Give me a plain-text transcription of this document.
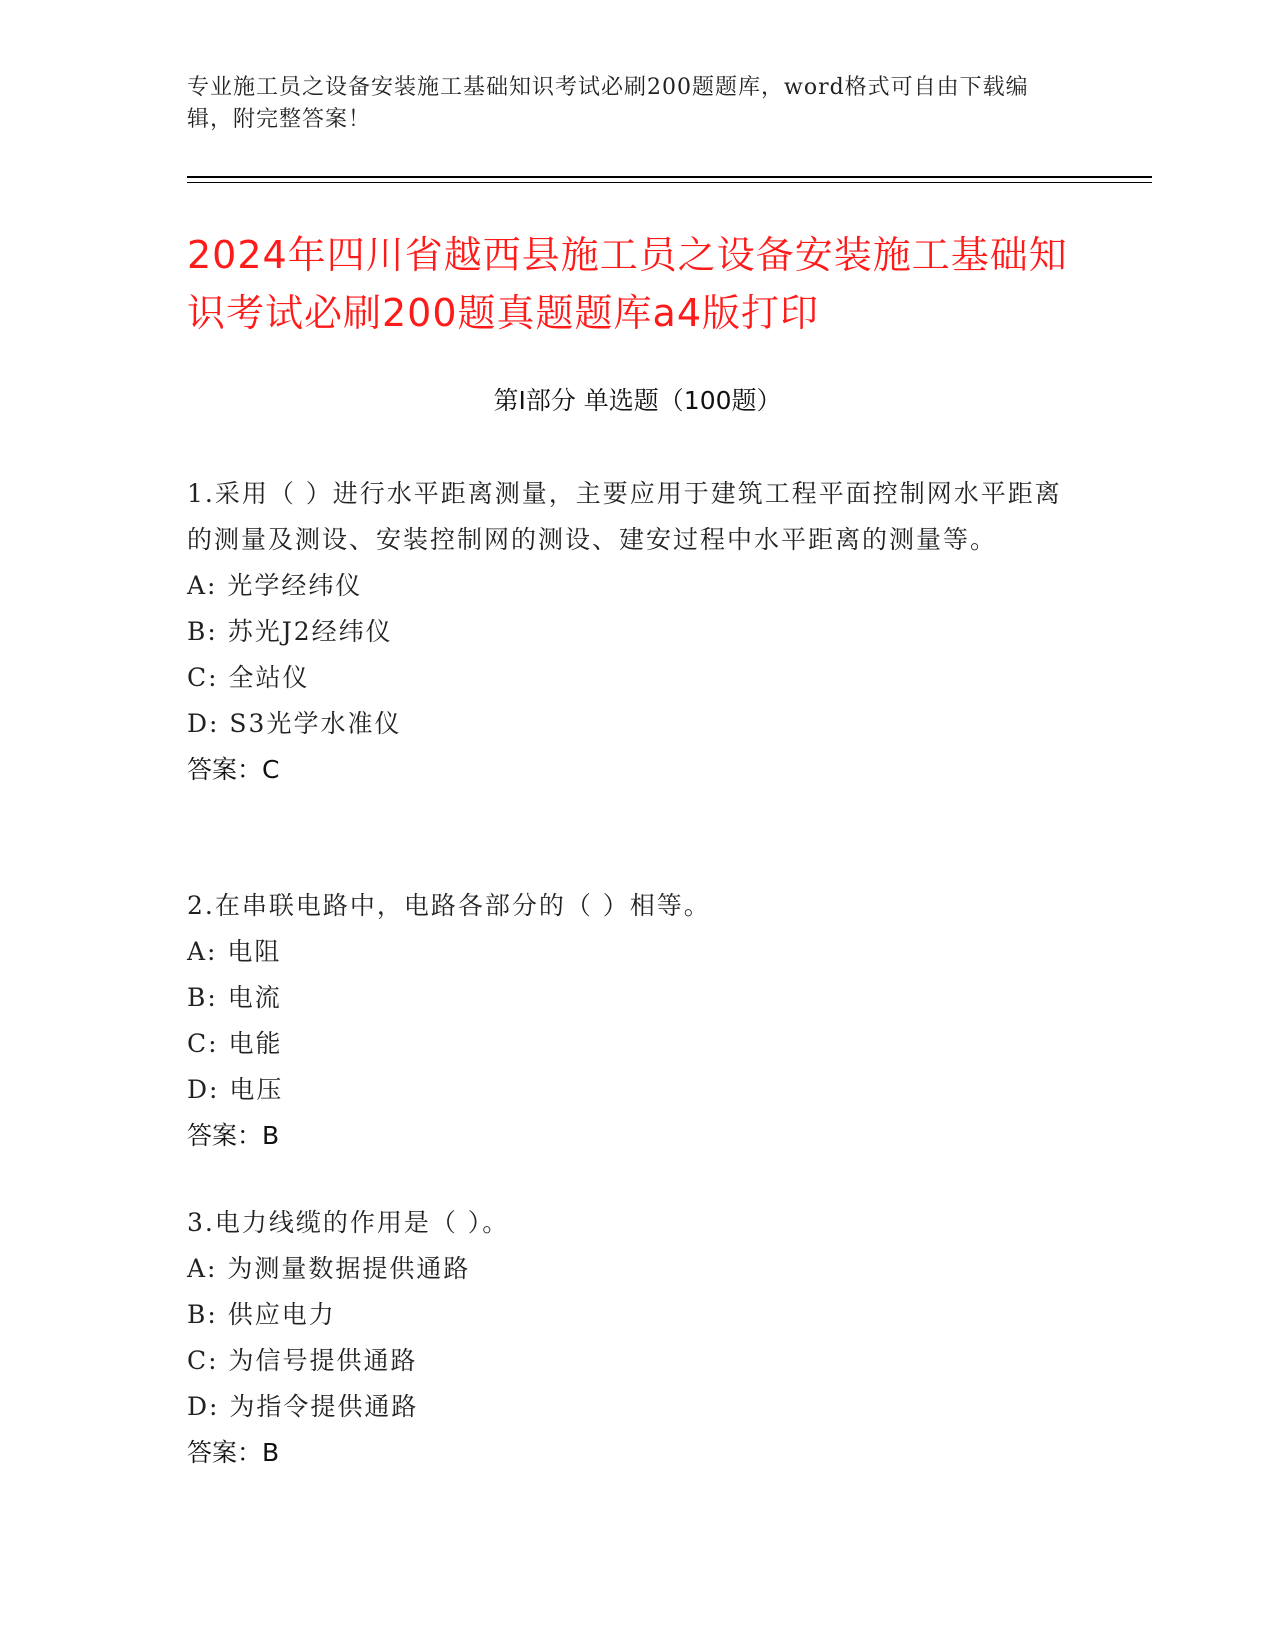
专业施工员之设备安装施工基础知识考试必刷200题题库，word格式可自由下载编辑，附完整答案！
2024年四川省越西县施工员之设备安装施工基础知识考试必刷200题真题题库a4版打印
第Ⅰ部分 单选题（100题）
1.采用（ ）进行水平距离测量，主要应用于建筑工程平面控制网水平距离的测量及测设、安装控制网的测设、建安过程中水平距离的测量等。
A: 光学经纬仪
B: 苏光J2经纬仪
C: 全站仪
D: S3光学水准仪
答案：C
2.在串联电路中，电路各部分的（ ）相等。
A: 电阻
B: 电流
C: 电能
D: 电压
答案：B
3.电力线缆的作用是（ ）。
A: 为测量数据提供通路
B: 供应电力
C: 为信号提供通路
D: 为指令提供通路
答案：B
